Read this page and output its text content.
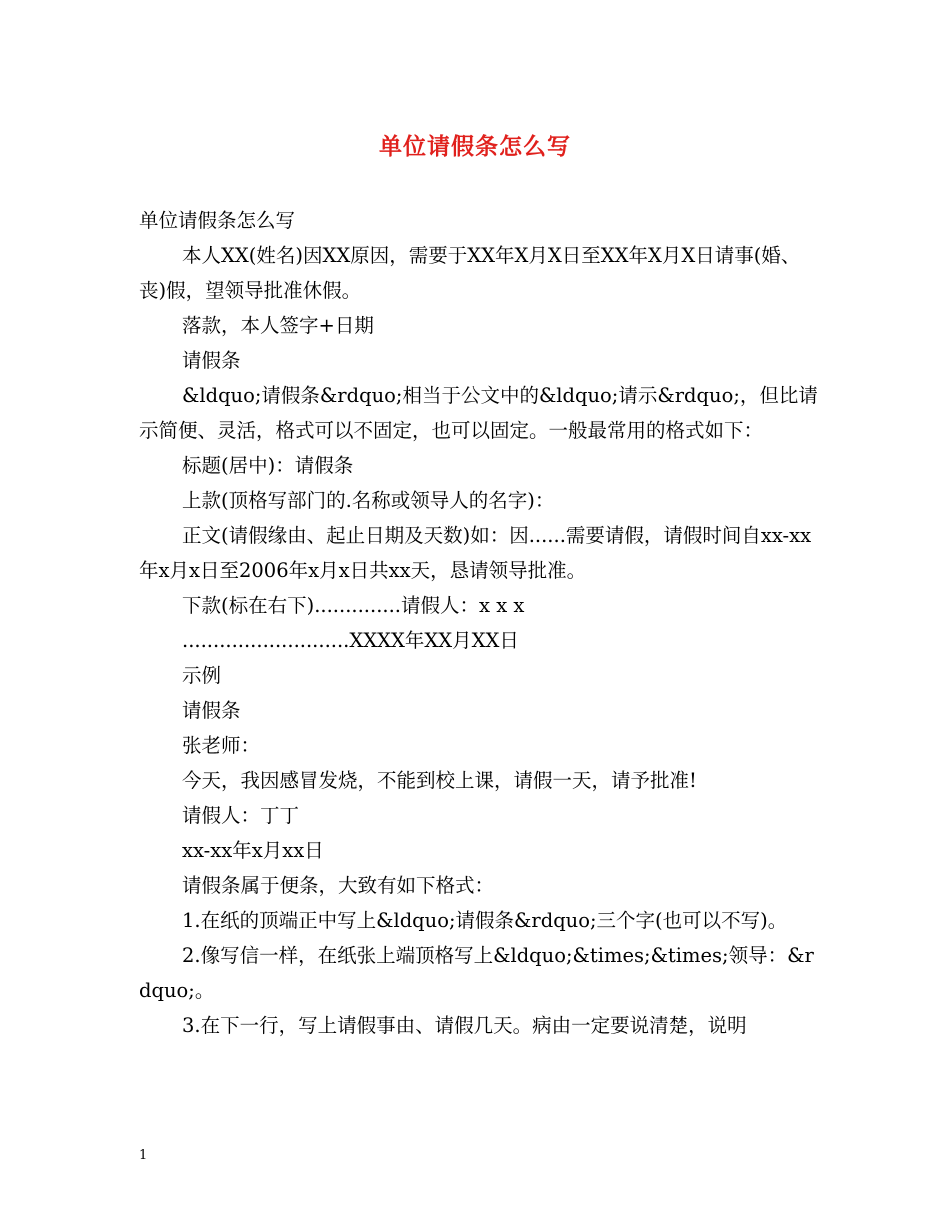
单位请假条怎么写

单位请假条怎么写

本人XX(姓名)因XX原因，需要于XX年X月X日至XX年X月X日请事(婚、丧)假，望领导批准休假。

落款，本人签字+日期

请假条

&ldquo;请假条&rdquo;相当于公文中的&ldquo;请示&rdquo;，但比请示简便、灵活，格式可以不固定，也可以固定。一般最常用的格式如下：

标题(居中)：请假条

上款(顶格写部门的.名称或领导人的名字)：

正文(请假缘由、起止日期及天数)如：因......需要请假，请假时间自xx-xx年x月x日至2006年x月x日共xx天，恳请领导批准。

下款(标在右下)..............请假人：x x x

...........................XXXX年XX月XX日

示例

请假条

张老师：

今天，我因感冒发烧，不能到校上课，请假一天，请予批准!

请假人：丁丁

xx-xx年x月xx日

请假条属于便条，大致有如下格式：

1.在纸的顶端正中写上&ldquo;请假条&rdquo;三个字(也可以不写)。

2.像写信一样，在纸张上端顶格写上&ldquo;&times;&times;领导：&rdquo;。

3.在下一行，写上请假事由、请假几天。病由一定要说清楚，说明

1
